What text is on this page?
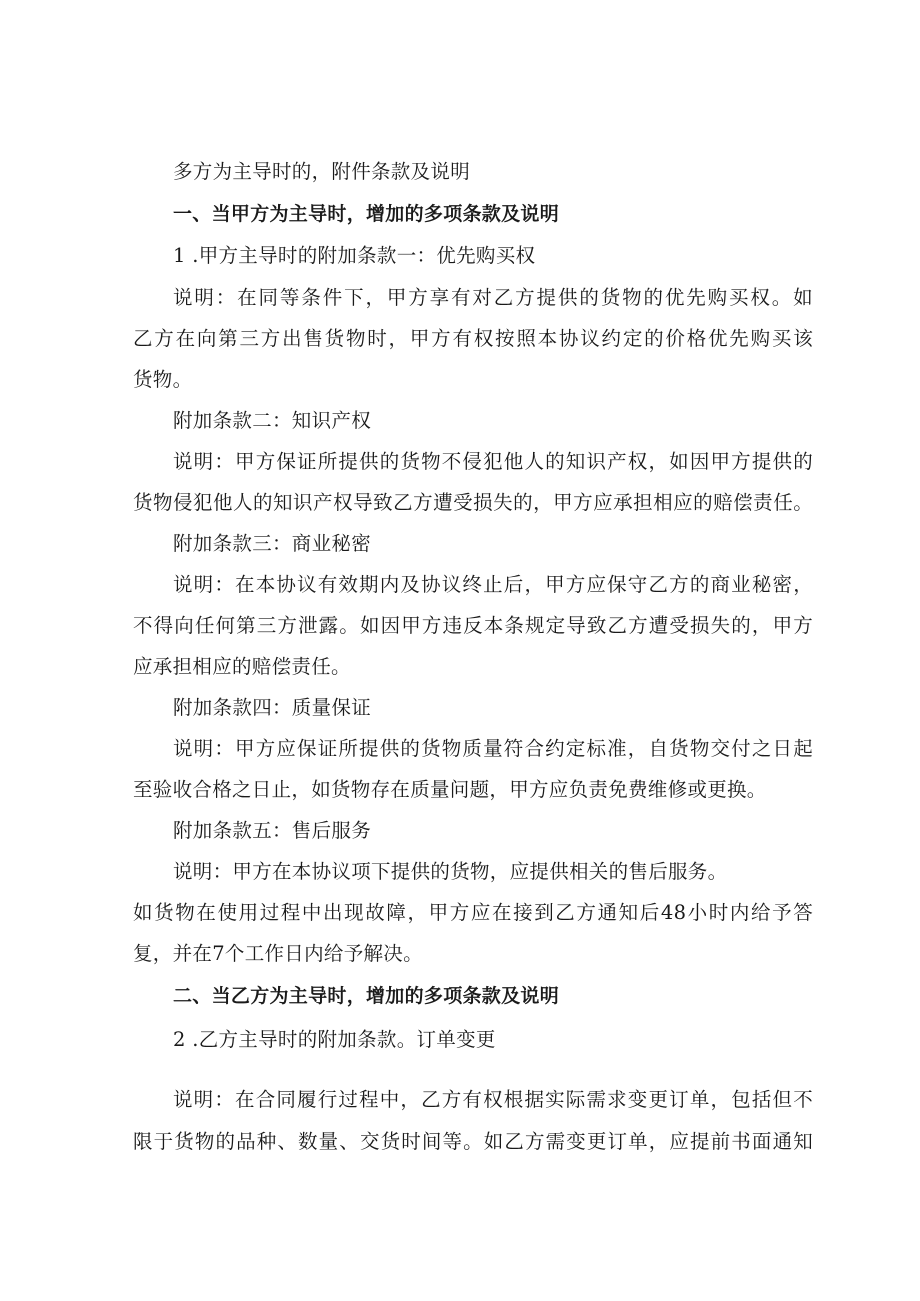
多方为主导时的，附件条款及说明
一、当甲方为主导时，增加的多项条款及说明
1 .甲方主导时的附加条款一：优先购买权
说明：在同等条件下，甲方享有对乙方提供的货物的优先购买权。如
乙方在向第三方出售货物时，甲方有权按照本协议约定的价格优先购买该
货物。
附加条款二：知识产权
说明：甲方保证所提供的货物不侵犯他人的知识产权，如因甲方提供的
货物侵犯他人的知识产权导致乙方遭受损失的，甲方应承担相应的赔偿责任。
附加条款三：商业秘密
说明：在本协议有效期内及协议终止后，甲方应保守乙方的商业秘密，
不得向任何第三方泄露。如因甲方违反本条规定导致乙方遭受损失的，甲方
应承担相应的赔偿责任。
附加条款四：质量保证
说明：甲方应保证所提供的货物质量符合约定标准，自货物交付之日起
至验收合格之日止，如货物存在质量问题，甲方应负责免费维修或更换。
附加条款五：售后服务
说明：甲方在本协议项下提供的货物，应提供相关的售后服务。
如货物在使用过程中出现故障，甲方应在接到乙方通知后48小时内给予答
复，并在7个工作日内给予解决。
二、当乙方为主导时，增加的多项条款及说明
2 .乙方主导时的附加条款。订单变更
说明：在合同履行过程中，乙方有权根据实际需求变更订单，包括但不
限于货物的品种、数量、交货时间等。如乙方需变更订单，应提前书面通知
